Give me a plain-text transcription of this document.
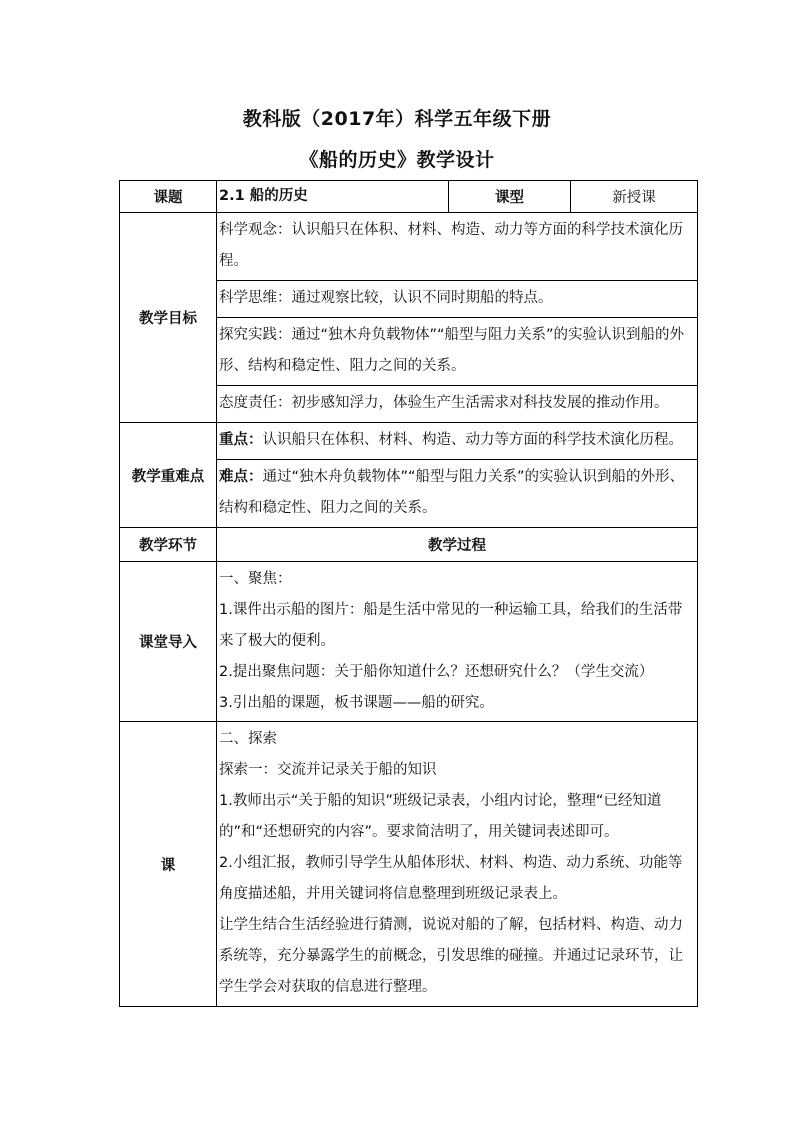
教科版（2017年）科学五年级下册
《船的历史》教学设计
课题	2.1 船的历史	课型	新授课
教学目标	科学观念：认识船只在体积、材料、构造、动力等方面的科学技术演化历程。
科学思维：通过观察比较，认识不同时期船的特点。
探究实践：通过“独木舟负载物体”“船型与阻力关系”的实验认识到船的外形、结构和稳定性、阻力之间的关系。
态度责任：初步感知浮力，体验生产生活需求对科技发展的推动作用。		

教学重难点	重点：认识船只在体积、材料、构造、动力等方面的科学技术演化历程。
难点：通过“独木舟负载物体”“船型与阻力关系”的实验认识到船的外形、结构和稳定性、阻力之间的关系。		

教学环节	教学过程		
课堂导入	一、聚焦：
1.课件出示船的图片：船是生活中常见的一种运输工具，给我们的生活带来了极大的便利。
2.提出聚焦问题：关于船你知道什么？还想研究什么？（学生交流）
3.引出船的课题，板书课题——船的研究。		

课	二、探索
探索一：交流并记录关于船的知识
1.教师出示“关于船的知识”班级记录表，小组内讨论，整理“已经知道的”和“还想研究的内容”。要求简洁明了，用关键词表述即可。
2.小组汇报，教师引导学生从船体形状、材料、构造、动力系统、功能等角度描述船，并用关键词将信息整理到班级记录表上。
让学生结合生活经验进行猜测，说说对船的了解，包括材料、构造、动力系统等，充分暴露学生的前概念，引发思维的碰撞。并通过记录环节，让学生学会对获取的信息进行整理。		
